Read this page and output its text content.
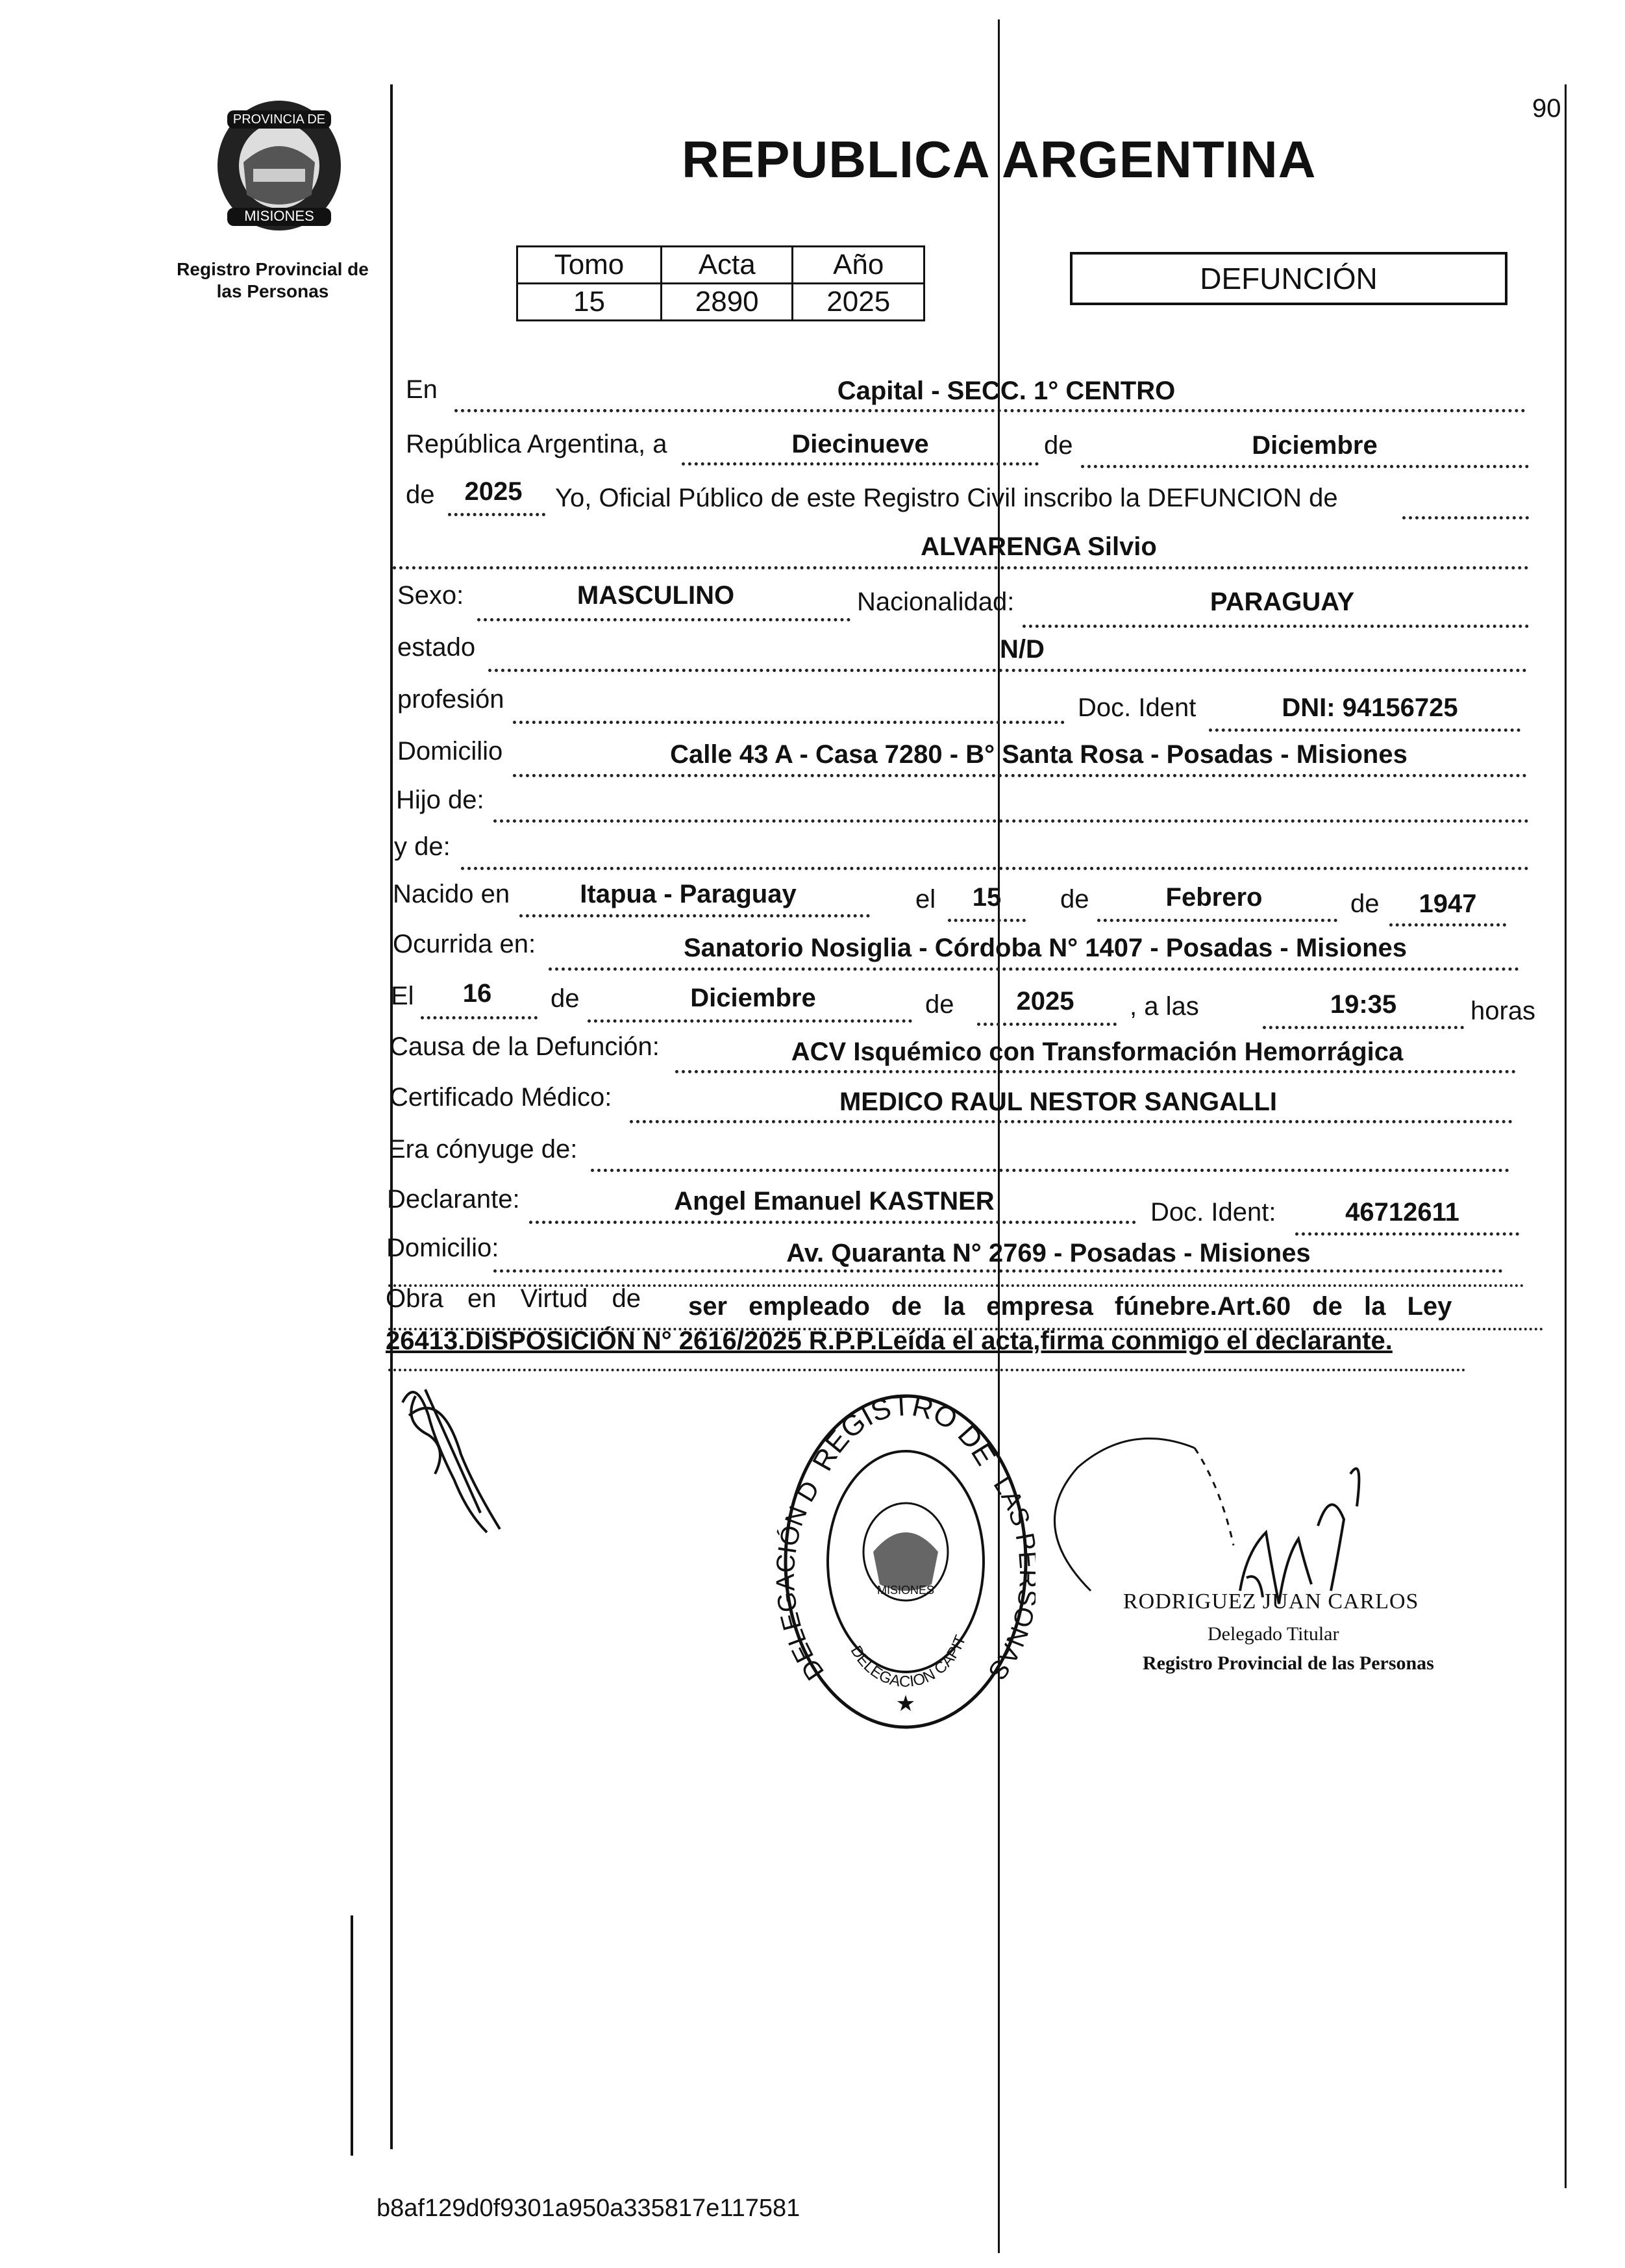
90
PROVINCIA DE
MISIONES
Registro Provincial de
las Personas
REPUBLICA ARGENTINA
Tomo	Acta	Año
15	2890	2025
DEFUNCIÓN
En	Capital - SECC. 1° CENTRO
República Argentina, a	Diecinueve	de	Diciembre
de	2025	Yo, Oficial Público de este Registro Civil inscribo la DEFUNCION de
ALVARENGA Silvio
Sexo:	MASCULINO	Nacionalidad:	PARAGUAY
estado	N/D
profesión	Doc. Ident	DNI: 94156725
Domicilio	Calle 43 A - Casa 7280 - B° Santa Rosa - Posadas - Misiones
Hijo de:
y de:
Nacido en	Itapua - Paraguay	el	15	de	Febrero	de	1947
Ocurrida en:	Sanatorio Nosiglia - Córdoba N° 1407 - Posadas - Misiones
El	16	de	Diciembre	de	2025	, a las	19:35	horas
Causa de la Defunción:	ACV Isquémico con Transformación Hemorrágica
Certificado Médico:	MEDICO RAUL NESTOR SANGALLI
Era cónyuge de:
Declarante:	Angel Emanuel KASTNER	Doc. Ident:	46712611
Domicilio:	Av. Quaranta N° 2769 - Posadas - Misiones
Obra en Virtud de ser empleado de la empresa fúnebre.Art.60 de la Ley
26413.DISPOSICIÓN N° 2616/2025 R.P.P.Leída el acta,firma conmigo el declarante.
REGISTRO DE
DELE IÓN D	LAS NAS
DELEGACION CAPIT
MISIONES
★
RODRIGUEZ JUAN CARLOS
Delegado Titular
Registro Provincial de las Personas
b8af129d0f9301a950a335817e117581
